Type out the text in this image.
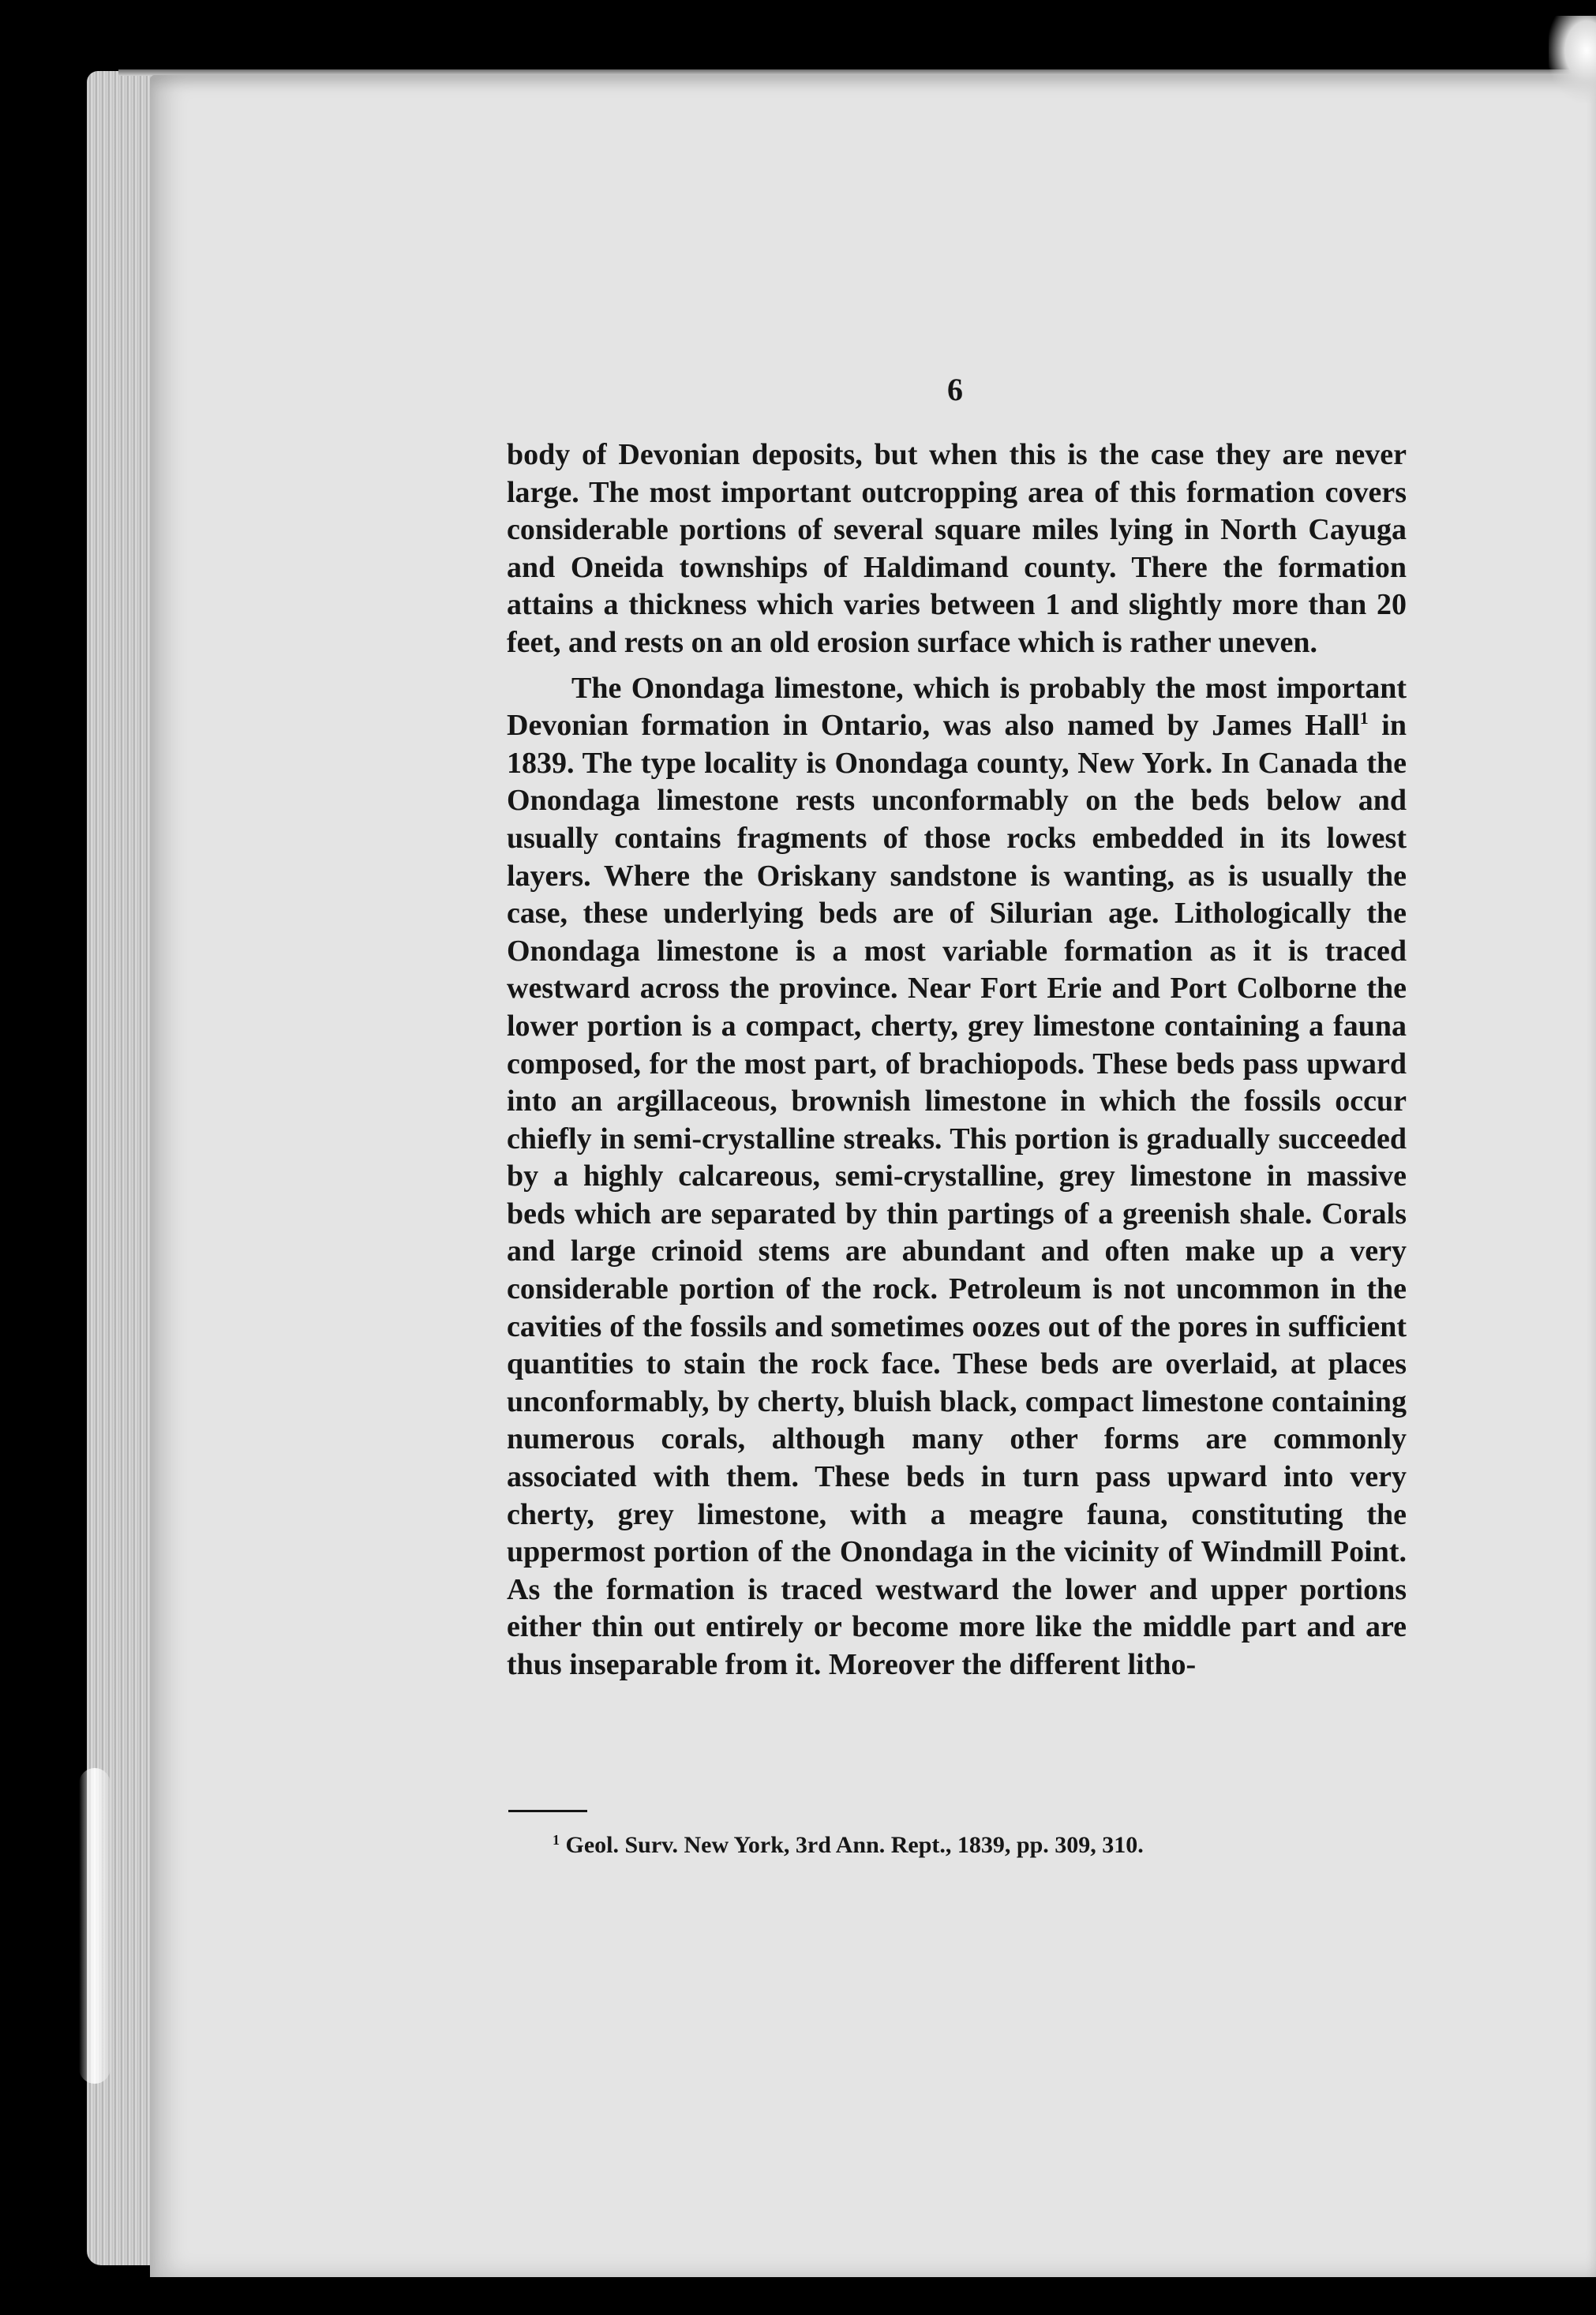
6

body of Devonian deposits, but when this is the case they are never large. The most important outcropping area of this formation covers considerable portions of several square miles lying in North Cayuga and Oneida townships of Haldimand county. There the formation attains a thickness which varies between 1 and slightly more than 20 feet, and rests on an old erosion surface which is rather uneven.

The Onondaga limestone, which is probably the most important Devonian formation in Ontario, was also named by James Hall$^1$ in 1839. The type locality is Onondaga county, New York. In Canada the Onondaga limestone rests unconformably on the beds below and usually contains fragments of those rocks embedded in its lowest layers. Where the Oriskany sandstone is wanting, as is usually the case, these underlying beds are of Silurian age. Lithologically the Onondaga limestone is a most variable formation as it is traced westward across the province. Near Fort Erie and Port Colborne the lower portion is a compact, cherty, grey limestone containing a fauna composed, for the most part, of brachiopods. These beds pass upward into an argillaceous, brownish limestone in which the fossils occur chiefly in semi-crystalline streaks. This portion is gradually succeeded by a highly calcareous, semi-crystalline, grey limestone in massive beds which are separated by thin partings of a greenish shale. Corals and large crinoid stems are abundant and often make up a very considerable portion of the rock. Petroleum is not uncommon in the cavities of the fossils and sometimes oozes out of the pores in sufficient quantities to stain the rock face. These beds are overlaid, at places unconformably, by cherty, bluish black, compact limestone containing numerous corals, although many other forms are commonly associated with them. These beds in turn pass upward into very cherty, grey limestone, with a meagre fauna, constituting the uppermost portion of the Onondaga in the vicinity of Windmill Point. As the formation is traced westward the lower and upper portions either thin out entirely or become more like the middle part and are thus inseparable from it. Moreover the different litho-

$^1$ Geol. Surv. New York, 3rd Ann. Rept., 1839, pp. 309, 310.
